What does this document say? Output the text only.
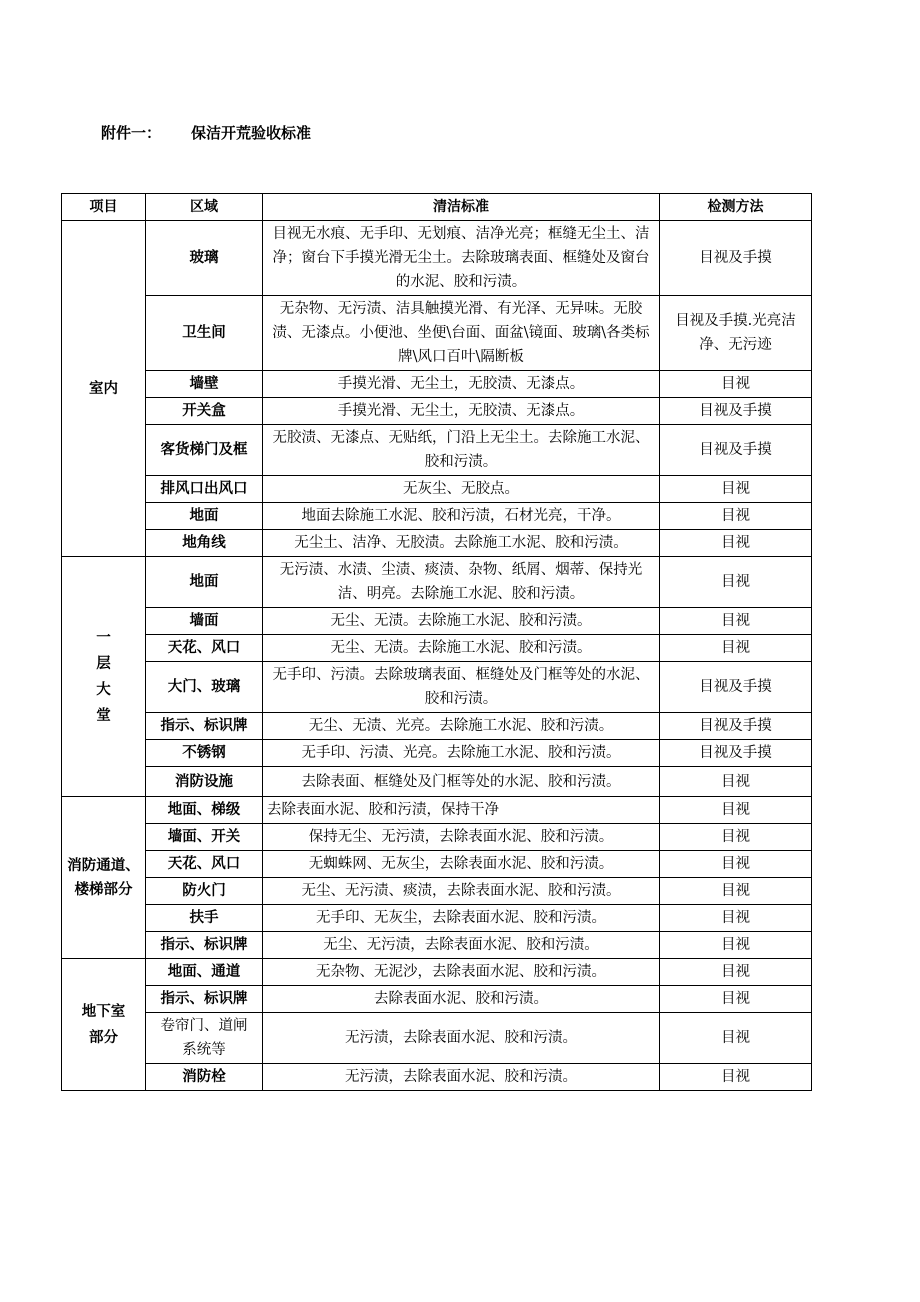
附件一： 保洁开荒验收标准
项目	区域	清洁标准	检测方法
室内	玻璃	目视无水痕、无手印、无划痕、洁净光亮；框缝无尘土、洁净；窗台下手摸光滑无尘土。去除玻璃表面、框缝处及窗台的水泥、胶和污渍。	目视及手摸
	卫生间	无杂物、无污渍、洁具触摸光滑、有光泽、无异味。无胶渍、无漆点。小便池、坐便\台面、面盆\镜面、玻璃\各类标牌\风口百叶\隔断板	目视及手摸.光亮洁净、无污迹
	墙壁	手摸光滑、无尘土，无胶渍、无漆点。	目视
	开关盒	手摸光滑、无尘土，无胶渍、无漆点。	目视及手摸
	客货梯门及框	无胶渍、无漆点、无贴纸，门沿上无尘土。去除施工水泥、胶和污渍。	目视及手摸
	排风口出风口	无灰尘、无胶点。	目视
	地面	地面去除施工水泥、胶和污渍，石材光亮，干净。	目视
	地角线	无尘土、洁净、无胶渍。去除施工水泥、胶和污渍。	目视
一层大堂	地面	无污渍、水渍、尘渍、痰渍、杂物、纸屑、烟蒂、保持光洁、明亮。去除施工水泥、胶和污渍。	目视
	墙面	无尘、无渍。去除施工水泥、胶和污渍。	目视
	天花、风口	无尘、无渍。去除施工水泥、胶和污渍。	目视
	大门、玻璃	无手印、污渍。去除玻璃表面、框缝处及门框等处的水泥、胶和污渍。	目视及手摸
	指示、标识牌	无尘、无渍、光亮。去除施工水泥、胶和污渍。	目视及手摸
	不锈钢	无手印、污渍、光亮。去除施工水泥、胶和污渍。	目视及手摸
	消防设施	去除表面、框缝处及门框等处的水泥、胶和污渍。	目视
消防通道、楼梯部分	地面、梯级	去除表面水泥、胶和污渍，保持干净	目视
	墙面、开关	保持无尘、无污渍，去除表面水泥、胶和污渍。	目视
	天花、风口	无蜘蛛网、无灰尘，去除表面水泥、胶和污渍。	目视
	防火门	无尘、无污渍、痰渍，去除表面水泥、胶和污渍。	目视
	扶手	无手印、无灰尘，去除表面水泥、胶和污渍。	目视
	指示、标识牌	无尘、无污渍，去除表面水泥、胶和污渍。	目视
地下室部分	地面、通道	无杂物、无泥沙，去除表面水泥、胶和污渍。	目视
	指示、标识牌	去除表面水泥、胶和污渍。	目视
	卷帘门、道闸系统等	无污渍，去除表面水泥、胶和污渍。	目视
	消防栓	无污渍，去除表面水泥、胶和污渍。	目视
